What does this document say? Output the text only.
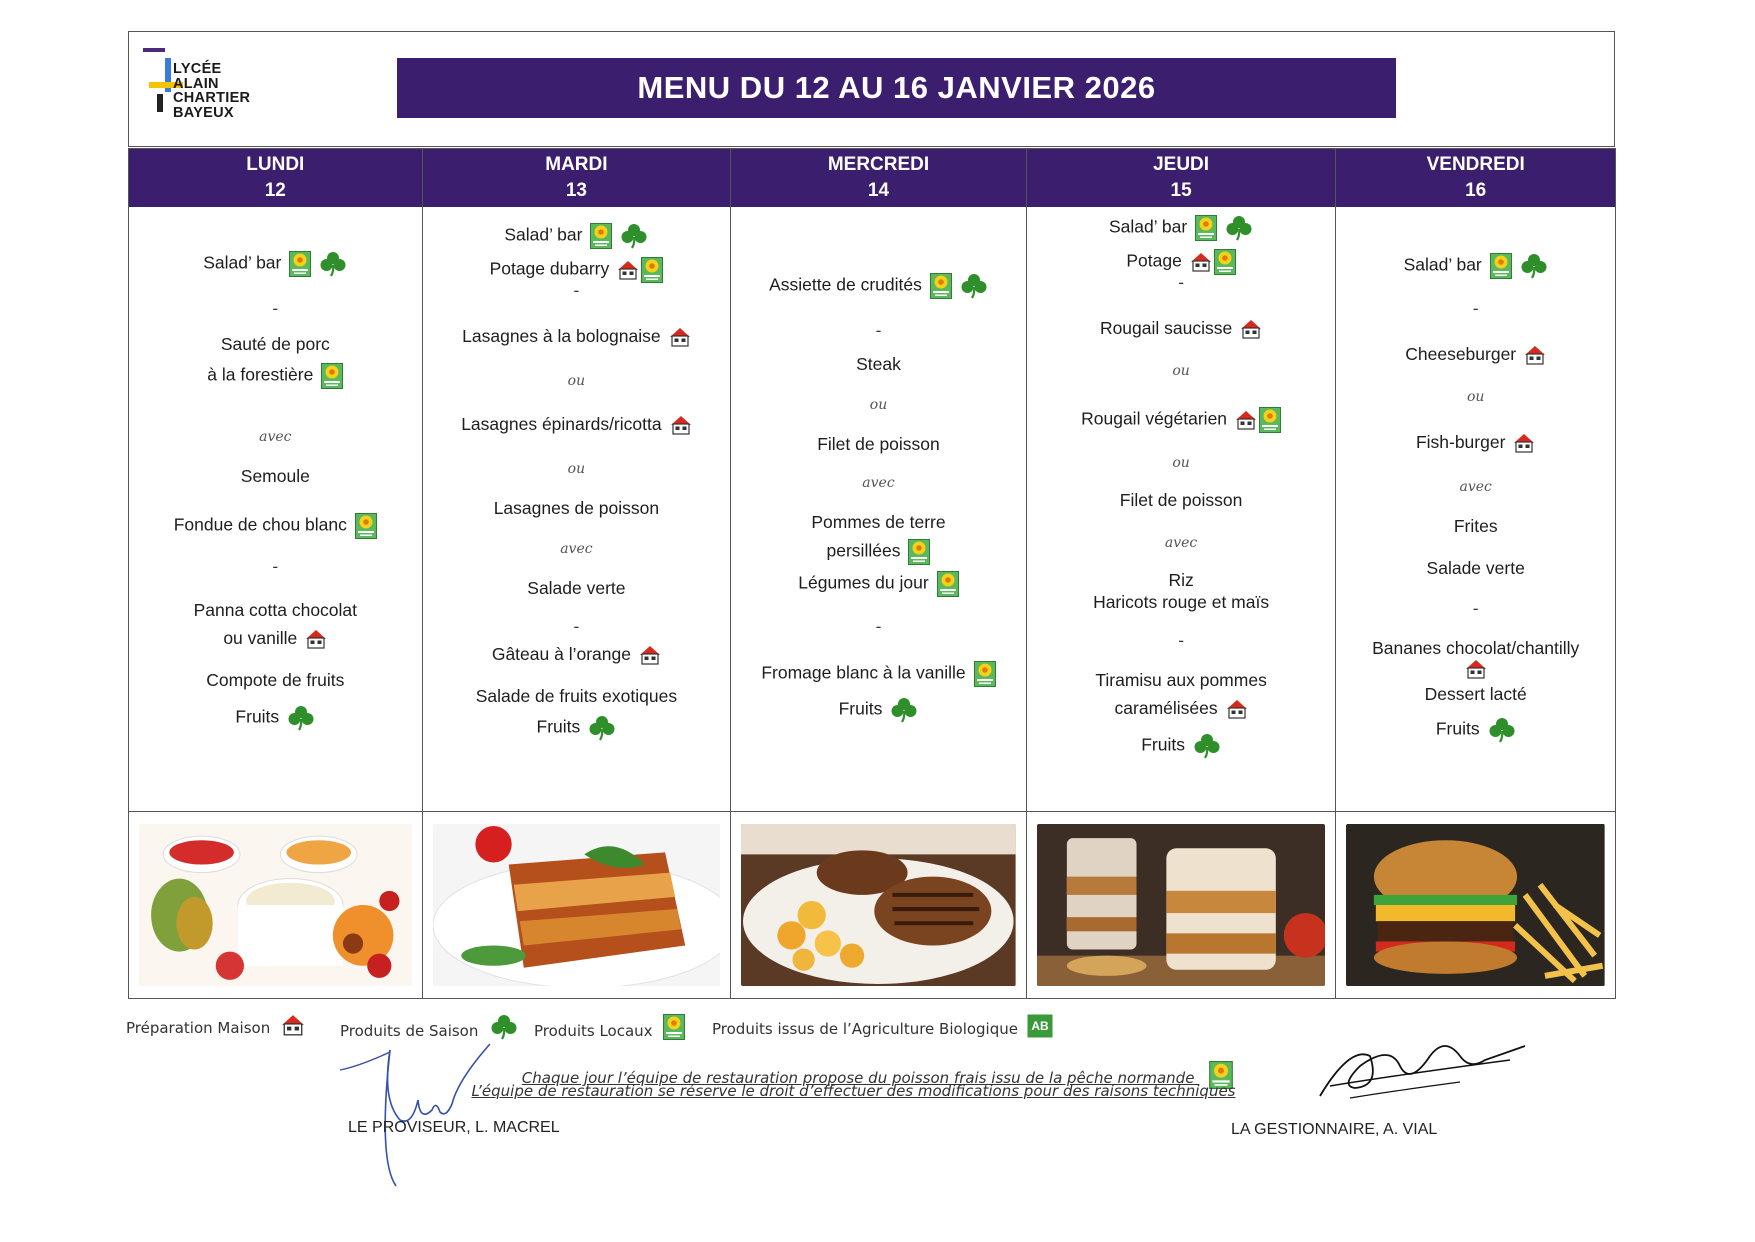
LYCÉE
ALAIN
CHARTIER
BAYEUX
MENU DU 12 AU 16 JANVIER 2026
LUNDI
12
Salad’ bar
-
Sauté de porc
à la forestière
avec
Semoule
Fondue de chou blanc
-
Panna cotta chocolat
ou vanille
Compote de fruits
Fruits
MARDI
13
Salad’ bar
Potage dubarry
-
Lasagnes à la bolognaise
ou
Lasagnes épinards/ricotta
ou
Lasagnes de poisson
avec
Salade verte
-
Gâteau à l’orange
Salade de fruits exotiques
Fruits
MERCREDI
14
Assiette de crudités
-
Steak
ou
Filet de poisson
avec
Pommes de terre
persillées
Légumes du jour
-
Fromage blanc à la vanille
Fruits
JEUDI
15
Salad’ bar
Potage
-
Rougail saucisse
ou
Rougail végétarien
ou
Filet de poisson
avec
Riz
Haricots rouge et maïs
-
Tiramisu aux pommes
caramélisées
Fruits
VENDREDI
16
Salad’ bar
-
Cheeseburger
ou
Fish-burger
avec
Frites
Salade verte
-
Bananes chocolat/chantilly
Dessert lacté
Fruits
Préparation Maison	Produits de Saison	Produits Locaux	Produits issus de l’Agriculture Biologique AB
Chaque jour l’équipe de restauration propose du poisson frais issu de la pêche normande
L’équipe de restauration se réserve le droit d’effectuer des modifications pour des raisons techniques
LE PROVISEUR, L. MACREL	LA GESTIONNAIRE, A. VIAL
